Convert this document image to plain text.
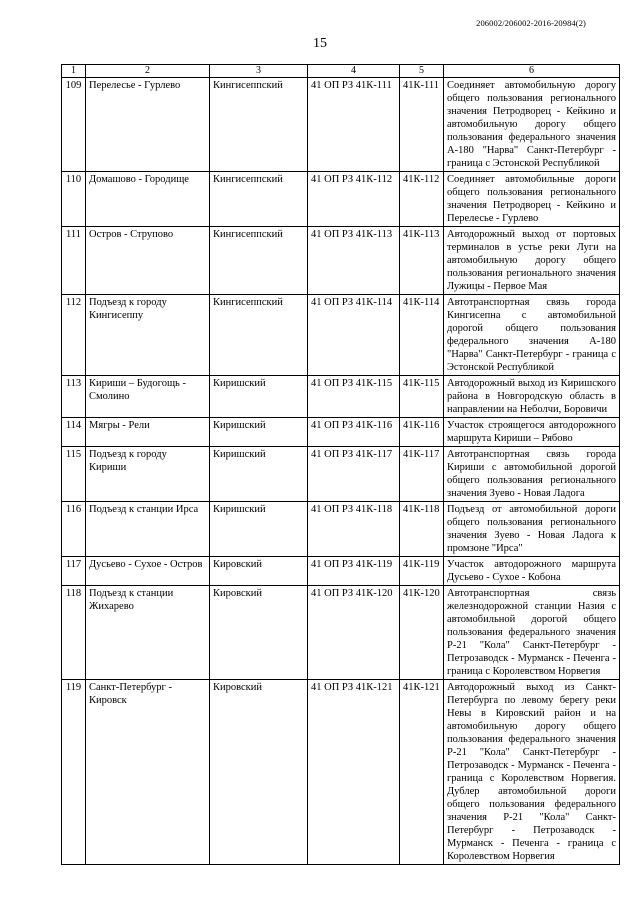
206002/206002-2016-20984(2)
15
1	2	3	4	5	6
109	Перелесье - Гурлево	Кингисеппский	41 ОП РЗ 41К-111	41К-111	Соединяет автомобильную дорогу общего пользования регионального значения Петродворец - Кейкино и автомобильную дорогу общего пользования федерального значения А-180 "Нарва" Санкт-Петербург - граница с Эстонской Республикой
110	Домашово - Городище	Кингисеппский	41 ОП РЗ 41К-112	41К-112	Соединяет автомобильные дороги общего пользования регионального значения Петродворец - Кейкино и Перелесье - Гурлево
111	Остров - Струпово	Кингисеппский	41 ОП РЗ 41К-113	41К-113	Автодорожный выход от портовых терминалов в устье реки Луги на автомобильную дорогу общего пользования регионального значения Лужицы - Первое Мая
112	Подъезд к городу Кингисеппу	Кингисеппский	41 ОП РЗ 41К-114	41К-114	Автотранспортная связь города Кингисепна с автомобильной дорогой общего пользования федерального значения А-180 "Нарва" Санкт-Петербург - граница с Эстонской Республикой
113	Кириши – Будогощь - Смолино	Киришский	41 ОП РЗ 41К-115	41К-115	Автодорожный выход из Киришского района в Новгородскую область в направлении на Неболчи, Боровичи
114	Мягры - Рели	Киришский	41 ОП РЗ 41К-116	41К-116	Участок строящегося автодорожного маршрута Кириши – Рябово
115	Подъезд к городу Кириши	Киришский	41 ОП РЗ 41К-117	41К-117	Автотранспортная связь города Кириши с автомобильной дорогой общего пользования регионального значения Зуево - Новая Ладога
116	Подъезд к станции Ирса	Киришский	41 ОП РЗ 41К-118	41К-118	Подъезд от автомобильной дороги общего пользования регионального значения Зуево - Новая Ладога к промзоне "Ирса"
117	Дусьево - Сухое - Остров	Кировский	41 ОП РЗ 41К-119	41К-119	Участок автодорожного маршрута Дусьево - Сухое - Кобона
118	Подъезд к станции Жихарево	Кировский	41 ОП РЗ 41К-120	41К-120	Автотранспортная связь железнодорожной станции Назия с автомобильной дорогой общего пользования федерального значения Р-21 "Кола" Санкт-Петербург - Петрозаводск - Мурманск - Печенга - граница с Королевством Норвегия
119	Санкт-Петербург - Кировск	Кировский	41 ОП РЗ 41К-121	41К-121	Автодорожный выход из Санкт-Петербурга по левому берегу реки Невы в Кировский район и на автомобильную дорогу общего пользования федерального значения Р-21 "Кола" Санкт-Петербург - Петрозаводск - Мурманск - Печенга - граница с Королевством Норвегия. Дублер автомобильной дороги общего пользования федерального значения Р-21 "Кола" Санкт-Петербург - Петрозаводск - Мурманск - Печенга - граница с Королевством Норвегия
